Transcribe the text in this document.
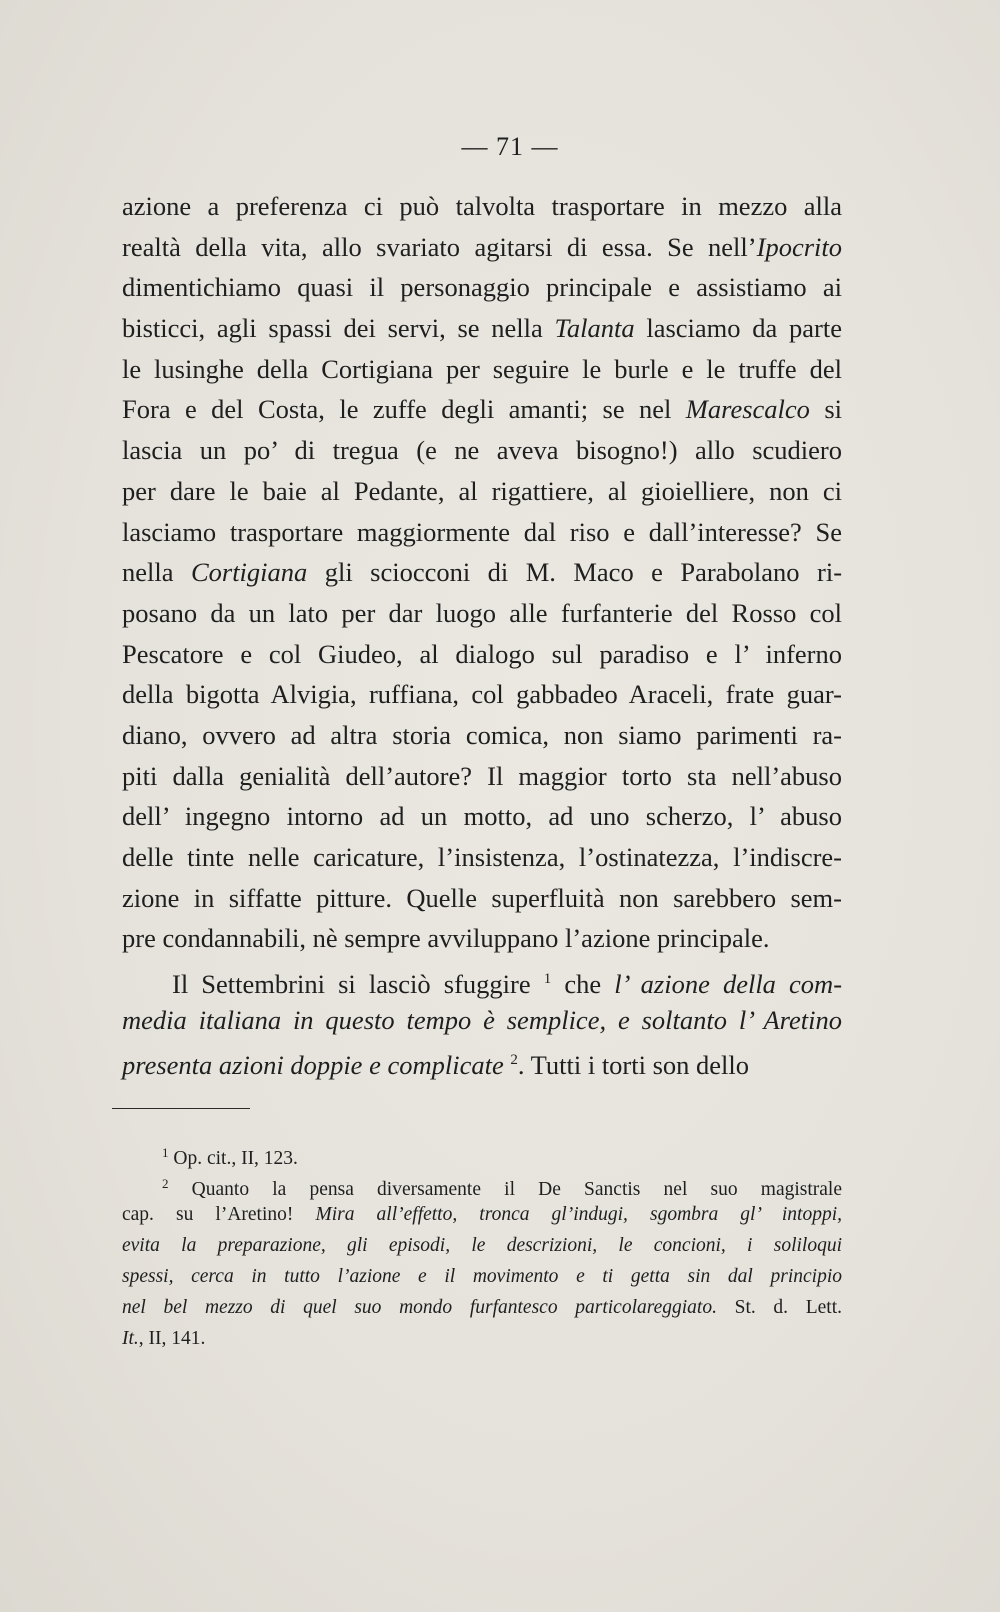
— 71 —
azione a preferenza ci può talvolta trasportare in mezzo alla
realtà della vita, allo svariato agitarsi di essa. Se nell’Ipocrito
dimentichiamo quasi il personaggio principale e assistiamo ai
bisticci, agli spassi dei servi, se nella Talanta lasciamo da parte
le lusinghe della Cortigiana per seguire le burle e le truffe del
Fora e del Costa, le zuffe degli amanti; se nel Marescalco si
lascia un po’ di tregua (e ne aveva bisogno!) allo scudiero
per dare le baie al Pedante, al rigattiere, al gioielliere, non ci
lasciamo trasportare maggiormente dal riso e dall’interesse? Se
nella Cortigiana gli sciocconi di M. Maco e Parabolano ri-
posano da un lato per dar luogo alle furfanterie del Rosso col
Pescatore e col Giudeo, al dialogo sul paradiso e l’ inferno
della bigotta Alvigia, ruffiana, col gabbadeo Araceli, frate guar-
diano, ovvero ad altra storia comica, non siamo parimenti ra-
piti dalla genialità dell’autore? Il maggior torto sta nell’abuso
dell’ ingegno intorno ad un motto, ad uno scherzo, l’ abuso
delle tinte nelle caricature, l’insistenza, l’ostinatezza, l’indiscre-
zione in siffatte pitture. Quelle superfluità non sarebbero sem-
pre condannabili, nè sempre avviluppano l’azione principale.
Il Settembrini si lasciò sfuggire $^1$ che l’ azione della com-
media italiana in questo tempo è semplice, e soltanto l’ Aretino
presenta azioni doppie e complicate $^2$. Tutti i torti son dello
$^1$ Op. cit., II, 123.
$^2$ Quanto la pensa diversamente il De Sanctis nel suo magistrale
cap. su l’Aretino! Mira all’effetto, tronca gl’indugi, sgombra gl’ intoppi,
evita la preparazione, gli episodi, le descrizioni, le concioni, i soliloqui
spessi, cerca in tutto l’azione e il movimento e ti getta sin dal principio
nel bel mezzo di quel suo mondo furfantesco particolareggiato. St. d. Lett.
It., II, 141.
